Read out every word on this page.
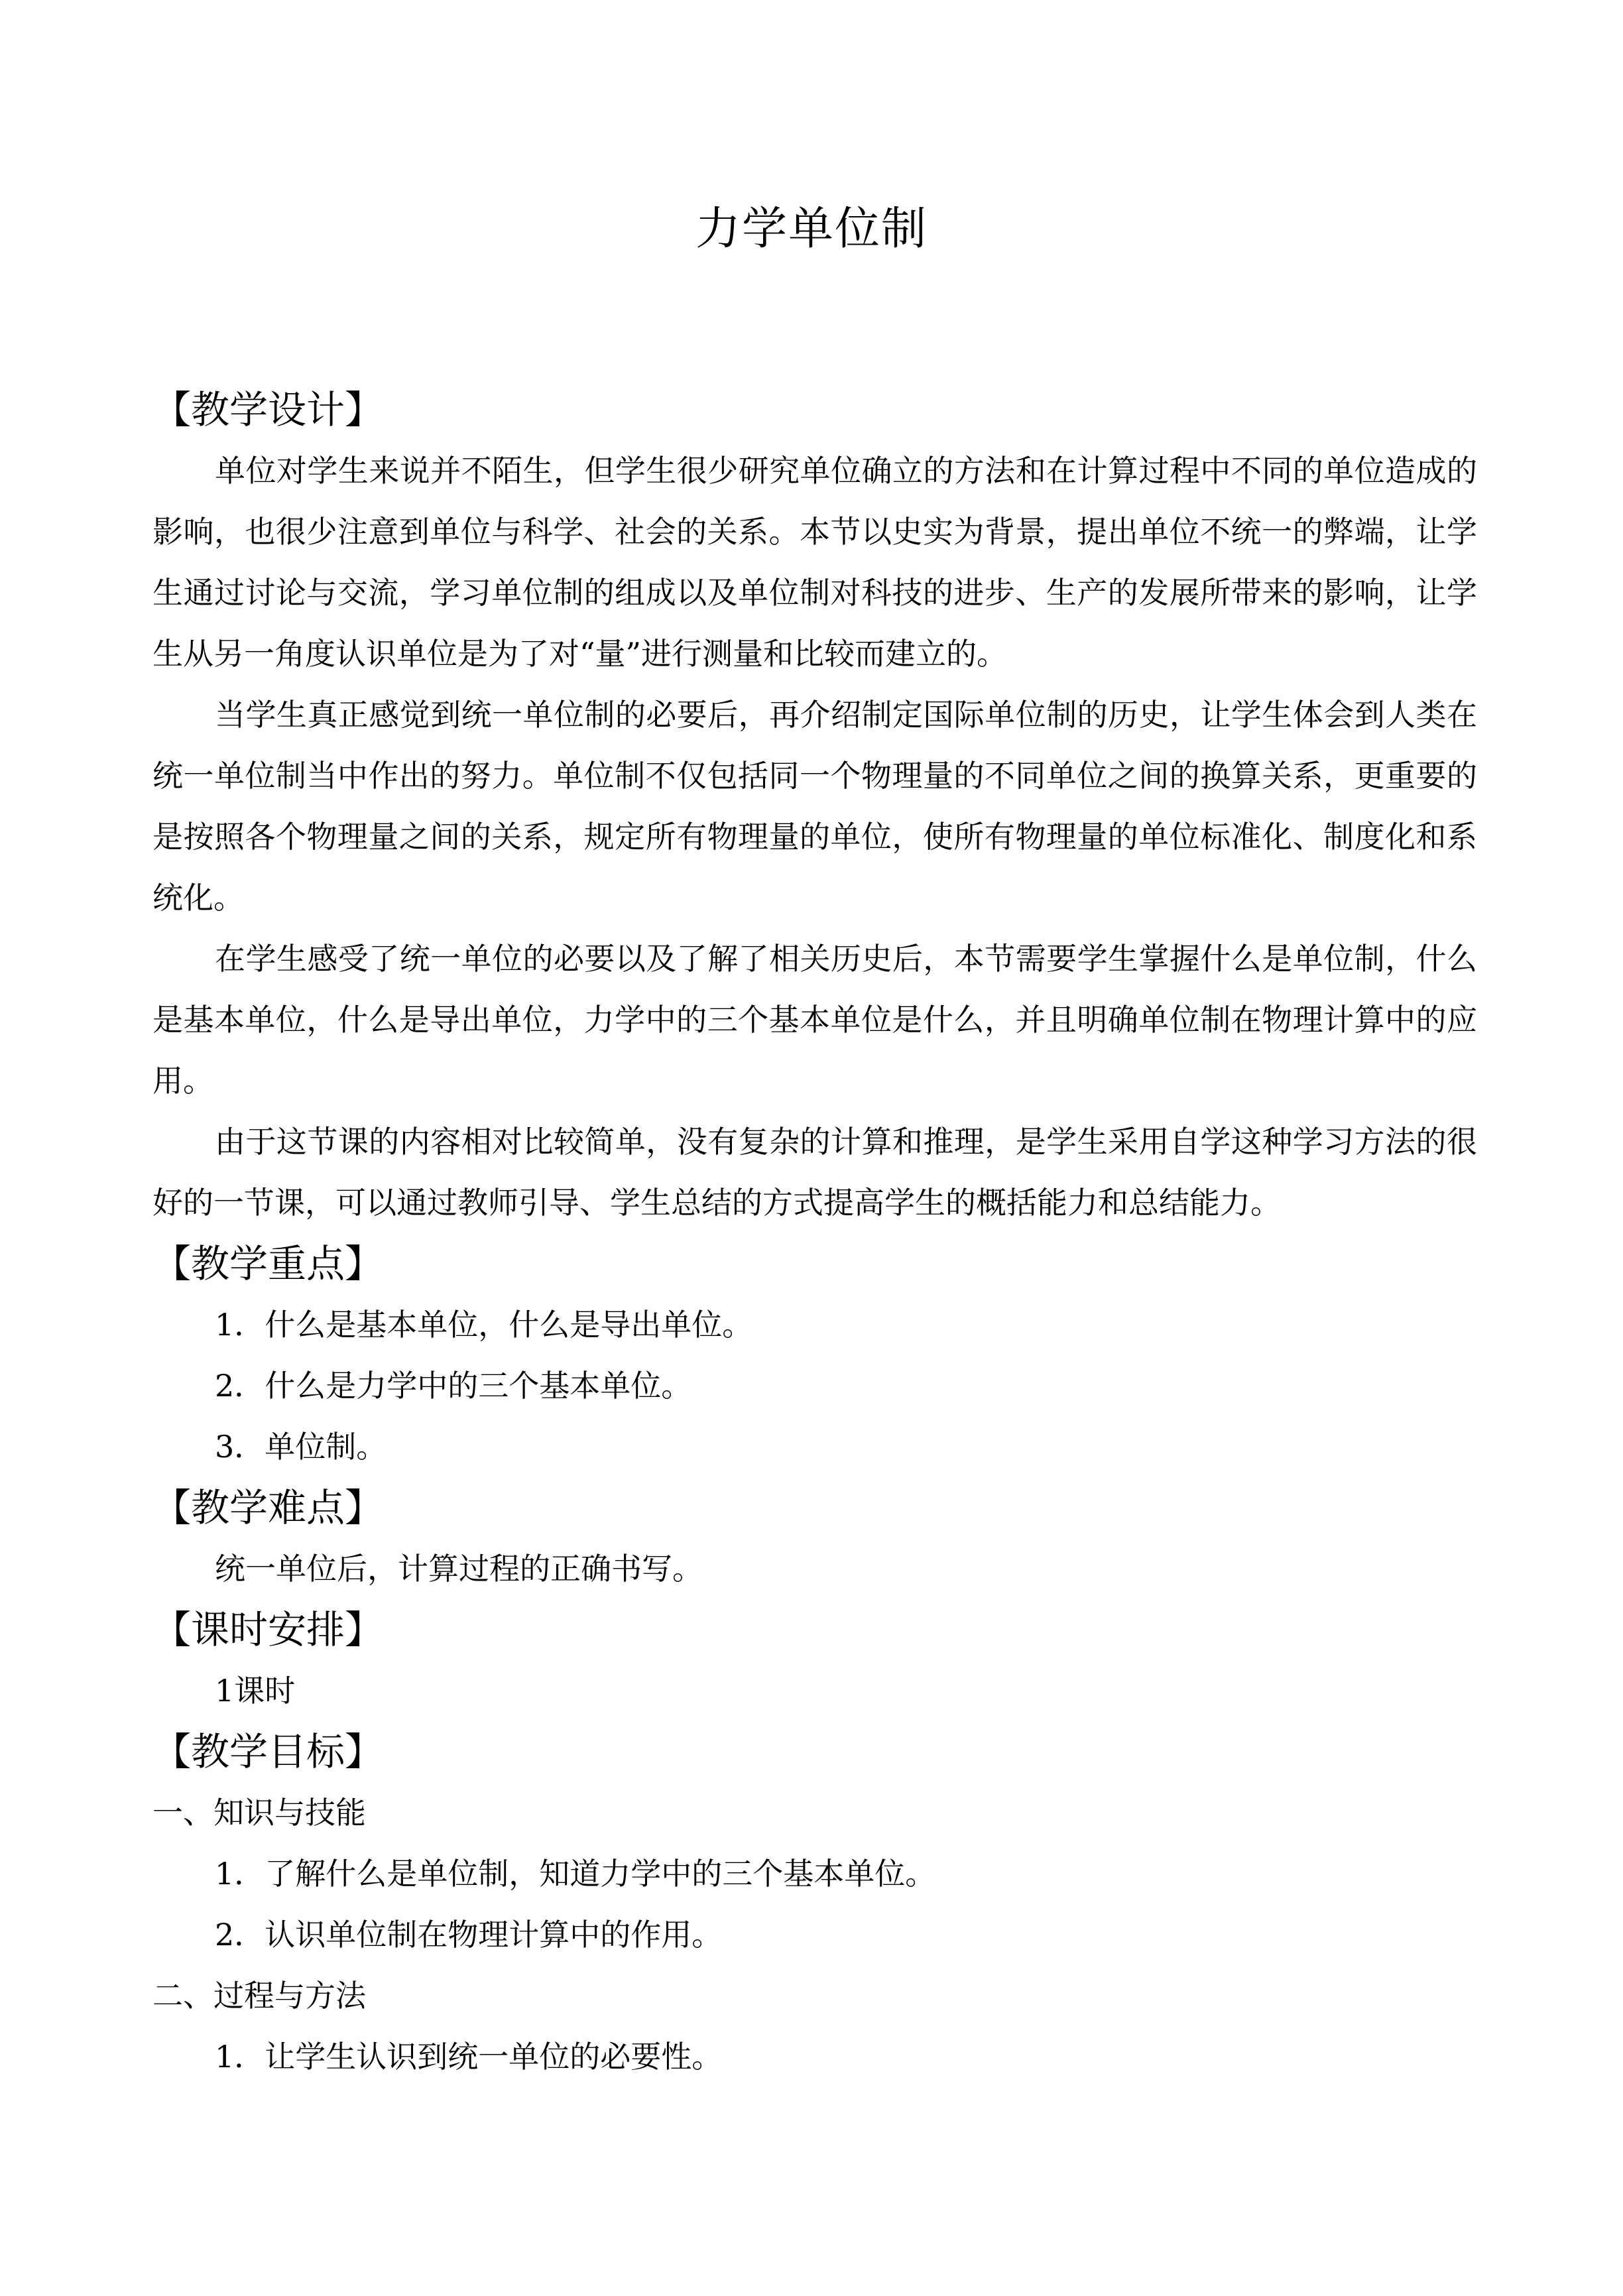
力学单位制
【教学设计】

单位对学生来说并不陌生，但学生很少研究单位确立的方法和在计算过程中不同的单位造成的影响，也很少注意到单位与科学、社会的关系。本节以史实为背景，提出单位不统一的弊端，让学生通过讨论与交流，学习单位制的组成以及单位制对科技的进步、生产的发展所带来的影响，让学生从另一角度认识单位是为了对“量”进行测量和比较而建立的。

当学生真正感觉到统一单位制的必要后，再介绍制定国际单位制的历史，让学生体会到人类在统一单位制当中作出的努力。单位制不仅包括同一个物理量的不同单位之间的换算关系，更重要的是按照各个物理量之间的关系，规定所有物理量的单位，使所有物理量的单位标准化、制度化和系统化。

在学生感受了统一单位的必要以及了解了相关历史后，本节需要学生掌握什么是单位制，什么是基本单位，什么是导出单位，力学中的三个基本单位是什么，并且明确单位制在物理计算中的应用。

由于这节课的内容相对比较简单，没有复杂的计算和推理，是学生采用自学这种学习方法的很好的一节课，可以通过教师引导、学生总结的方式提高学生的概括能力和总结能力。

【教学重点】
1．什么是基本单位，什么是导出单位。
2．什么是力学中的三个基本单位。
3．单位制。
【教学难点】
统一单位后，计算过程的正确书写。
【课时安排】
1课时
【教学目标】
一、知识与技能
1．了解什么是单位制，知道力学中的三个基本单位。
2．认识单位制在物理计算中的作用。
二、过程与方法
1．让学生认识到统一单位的必要性。
